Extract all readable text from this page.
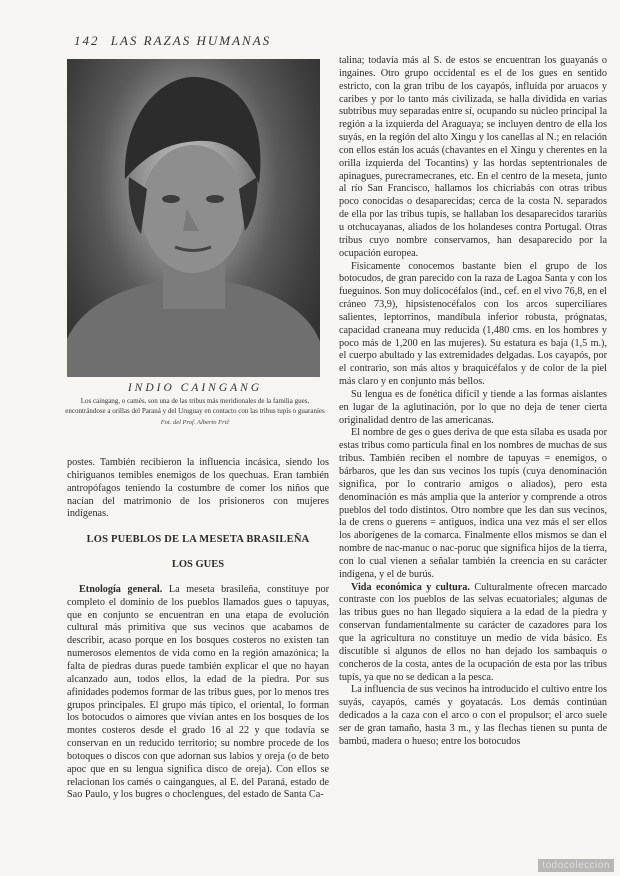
142 LAS RAZAS HUMANAS
INDIO CAINGANG
Los caingang, o camés, son una de las tribus más meridionales de la familia gues, encontrándose a orillas del Paraná y del Uruguay en contacto con las tribus tupís o guaraníes
Fot. del Prof. Alberto Frič

postes. También recibieron la influencia incásica, siendo los chiriguanos temibles enemigos de los quechuas. Eran también antropófagos teniendo la costumbre de comer los niños que nacían del matrimonio de los prisioneros con mujeres indígenas.

LOS PUEBLOS DE LA MESETA BRASILEÑA
LOS GUES

Etnología general. La meseta brasileña, constituye por completo el dominio de los pueblos llamados gues o tapuyas, que en conjunto se encuentran en una etapa de evolución cultural más primitiva que sus vecinos que acabamos de describir, acaso porque en los bosques costeros no existen tan numerosos elementos de vida como en la región amazónica; la falta de piedras duras puede también explicar el que no hayan alcanzado aun, todos ellos, la edad de la piedra. Por sus afinidades podemos formar de las tribus gues, por lo menos tres grupos principales. El grupo más típico, el oriental, lo forman los botocudos o aimores que vivían antes en los bosques de los montes costeros desde el grado 16 al 22 y que todavía se conservan en un reducido territorio; su nombre procede de los botoques o discos con que adornan sus labios y oreja (o de beto apoc que en su lengua significa disco de oreja). Con ellos se relacionan los camés o caingangues, al E. del Paraná, estado de Sao Paulo, y los bugres o choclengues, del estado de Santa Ca-

talina; todavía más al S. de estos se encuentran los guayanás o ingaines. Otro grupo occidental es el de los gues en sentido estricto, con la gran tribu de los cayapós, influída por aruacos y caribes y por lo tanto más civilizada, se halla dividida en varias subtribus muy separadas entre sí, ocupando su núcleo principal la región a la izquierda del Araguaya; se incluyen dentro de ella los suyás, en la región del alto Xingu y los canellas al N.; en relación con ellos están los acuás (chavantes en el Xingu y cherentes en la orilla izquierda del Tocantins) y las hordas septentrionales de apinagues, purecramecranes, etc. En el centro de la meseta, junto al río San Francisco, hallamos los chicriabás con otras tribus poco conocidas o desaparecidas; cerca de la costa N. separados de ella por las tribus tupís, se hallaban los desaparecidos tarariùs u otchucayanas, aliados de los holandeses contra Portugal. Otras tribus cuyo nombre conservamos, han desaparecido por la ocupación europea.

Físicamente conocemos bastante bien el grupo de los botocudos, de gran parecido con la raza de Lagoa Santa y con los fueguinos. Son muy dolicocéfalos (ind., cef. en el vivo 76,8, en el cráneo 73,9), hipsistenocéfalos con los arcos superciliares salientes, leptorrinos, mandíbula inferior robusta, prógnatas, capacidad craneana muy reducida (1,480 cms. en los hombres y poco más de 1,200 en las mujeres). Su estatura es baja (1,5 m.), el cuerpo abultado y las extremidades delgadas. Los cayapós, por el contrario, son más altos y braquicéfalos y de color de la piel más claro y en conjunto más bellos.

Su lengua es de fonética difícil y tiende a las formas aislantes en lugar de la aglutinación, por lo que no deja de tener cierta originalidad dentro de las americanas.

El nombre de ges o gues deriva de que esta sílaba es usada por estas tribus como partícula final en los nombres de muchas de sus tribus. También reciben el nombre de tapuyas = enemigos, o bárbaros, que les dan sus vecinos los tupís (cuya denominación significa, por lo contrario amigos o aliados), pero esta denominación es más amplia que la anterior y comprende a otros pueblos del todo distintos. Otro nombre que les dan sus vecinos, la de crens o guerens = antiguos, indica una vez más el ser ellos los aborígenes de la comarca. Finalmente ellos mismos se dan el nombre de nac-manuc o nac-poruc que significa hijos de la tierra, con lo cual vienen a señalar también la creencia en su carácter indígena, y el de burús.

Vida económica y cultura. Culturalmente ofrecen marcado contraste con los pueblos de las selvas ecuatoriales; algunas de las tribus gues no han llegado siquiera a la edad de la piedra y conservan fundamentalmente su carácter de cazadores para los que la agricultura no constituye un medio de vida básico. Es discutible si algunos de ellos no han dejado los sambaquis o concheros de la costa, antes de la ocupación de esta por las tribus tupís, ya que no se dedican a la pesca.

La influencia de sus vecinos ha introducido el cultivo entre los suyás, cayapós, camés y goyatacás. Los demás continúan dedicados a la caza con el arco o con el propulsor; el arco suele ser de gran tamaño, hasta 3 m., y las flechas tienen su punta de bambú, madera o hueso; entre los botocudos

todocoleccion
